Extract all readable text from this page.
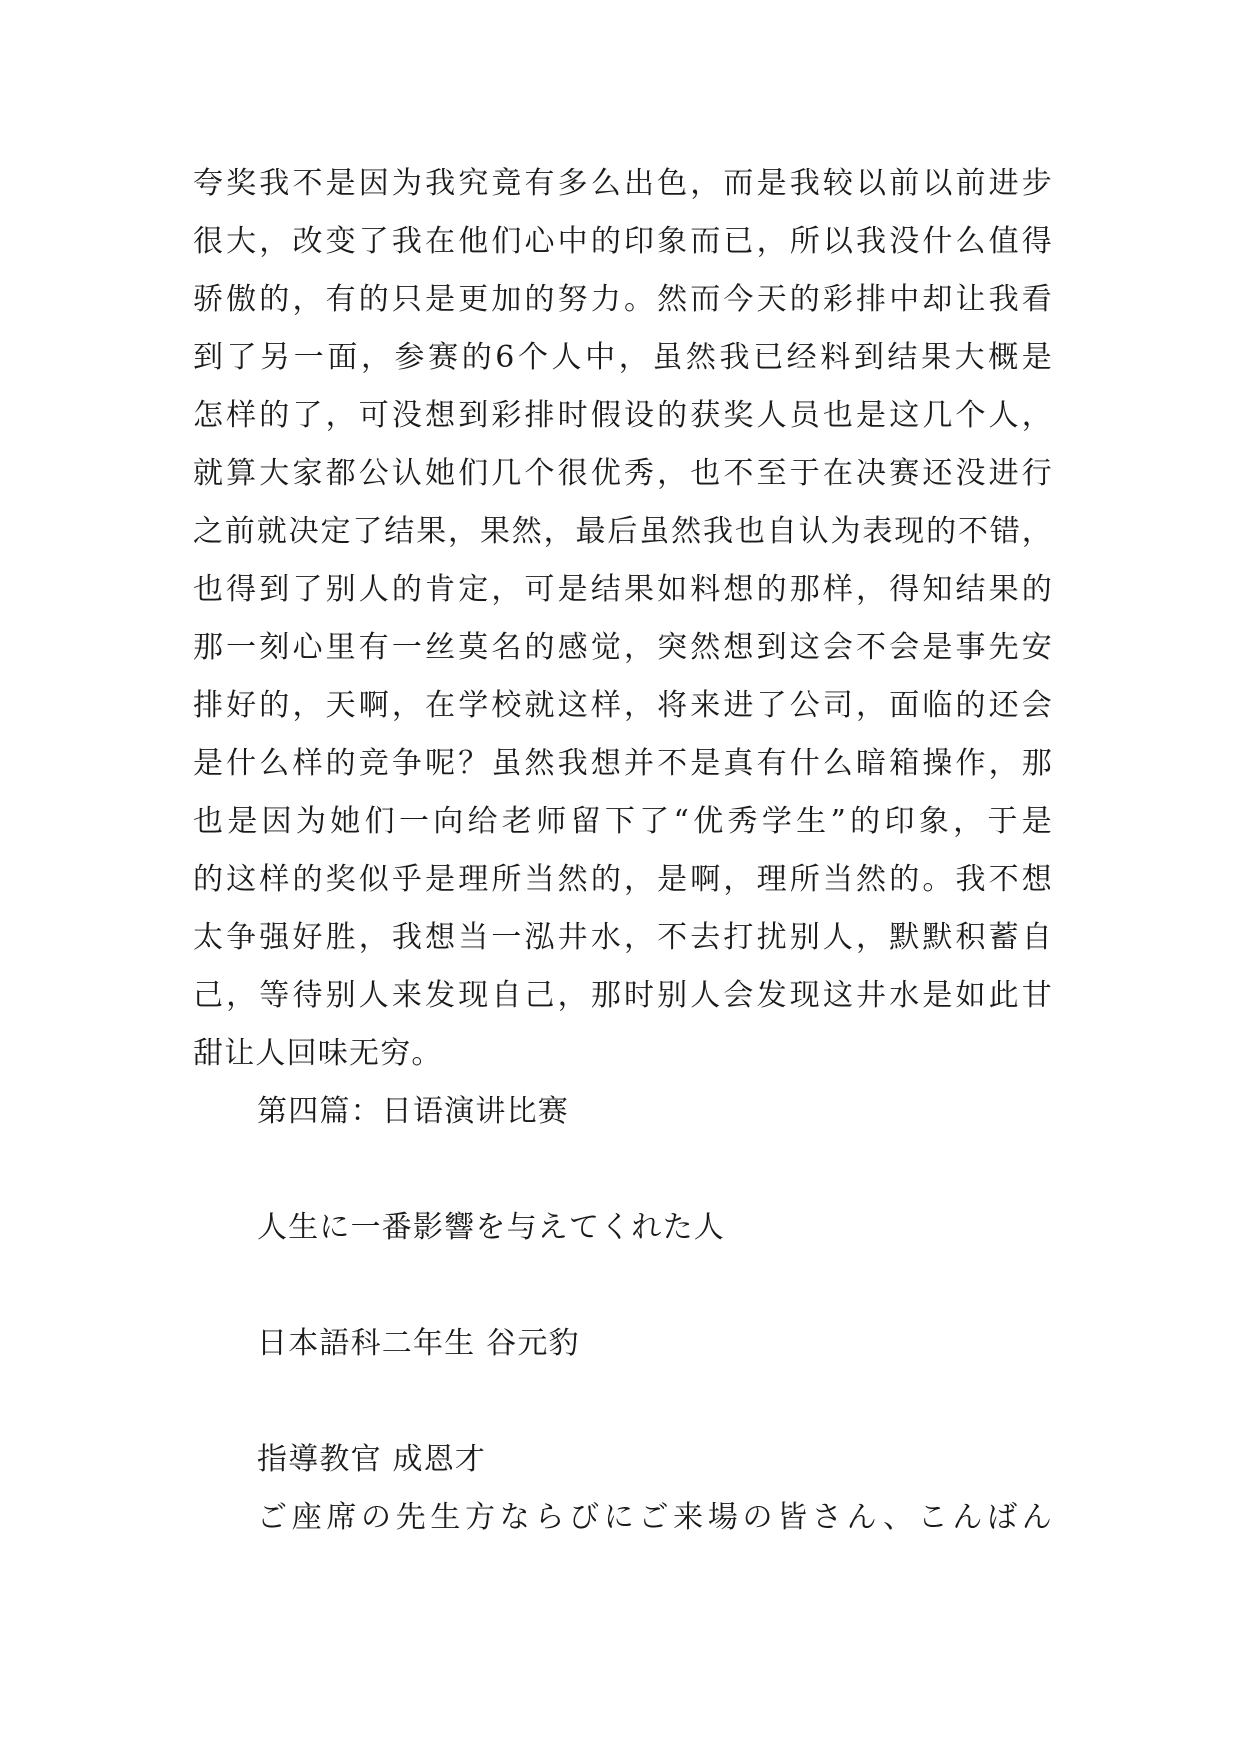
夸奖我不是因为我究竟有多么出色，而是我较以前以前进步
很大，改变了我在他们心中的印象而已，所以我没什么值得
骄傲的，有的只是更加的努力。然而今天的彩排中却让我看
到了另一面，参赛的6个人中，虽然我已经料到结果大概是
怎样的了，可没想到彩排时假设的获奖人员也是这几个人，
就算大家都公认她们几个很优秀，也不至于在决赛还没进行
之前就决定了结果，果然，最后虽然我也自认为表现的不错，
也得到了别人的肯定，可是结果如料想的那样，得知结果的
那一刻心里有一丝莫名的感觉，突然想到这会不会是事先安
排好的，天啊，在学校就这样，将来进了公司，面临的还会
是什么样的竞争呢？虽然我想并不是真有什么暗箱操作，那
也是因为她们一向给老师留下了“优秀学生”的印象，于是
的这样的奖似乎是理所当然的，是啊，理所当然的。我不想
太争强好胜，我想当一泓井水，不去打扰别人，默默积蓄自
己，等待别人来发现自己，那时别人会发现这井水是如此甘
甜让人回味无穷。
第四篇：日语演讲比赛
人生に一番影響を与えてくれた人
日本語科二年生 谷元豹
指導教官 成恩才
ご座席の先生方ならびにご来場の皆さん、こんばん
